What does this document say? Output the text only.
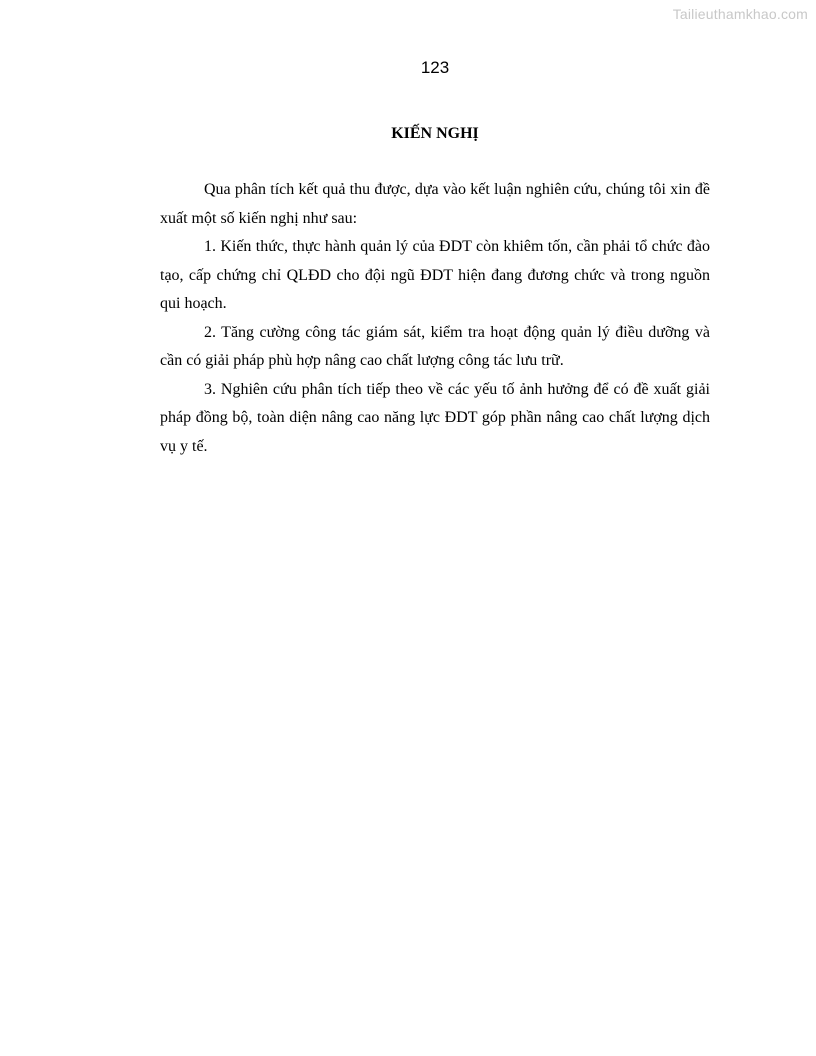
Tailieuthamkhao.com
123
KIẾN NGHỊ

Qua phân tích kết quả thu được, dựa vào kết luận nghiên cứu, chúng tôi xin đề xuất một số kiến nghị như sau:

1. Kiến thức, thực hành quản lý của ĐDT còn khiêm tốn, cần phải tổ chức đào tạo, cấp chứng chỉ QLĐD cho đội ngũ ĐDT hiện đang đương chức và trong nguồn qui hoạch.

2. Tăng cường công tác giám sát, kiểm tra hoạt động quản lý điều dưỡng và cần có giải pháp phù hợp nâng cao chất lượng công tác lưu trữ.

3. Nghiên cứu phân tích tiếp theo về các yếu tố ảnh hưởng để có đề xuất giải pháp đồng bộ, toàn diện nâng cao năng lực ĐDT góp phần nâng cao chất lượng dịch vụ y tế.
